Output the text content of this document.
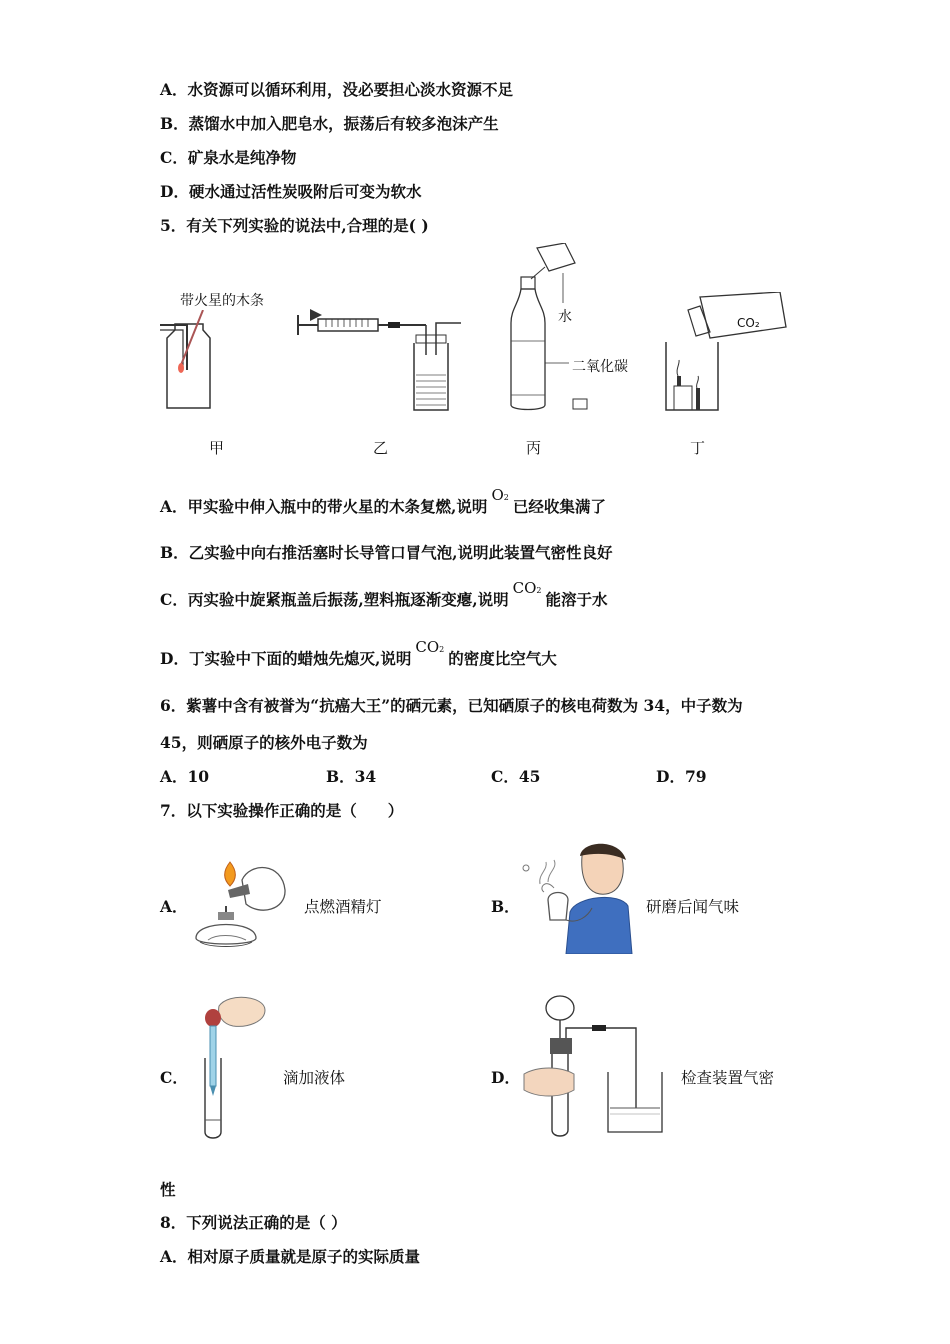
A．水资源可以循环利用，没必要担心淡水资源不足
B．蒸馏水中加入肥皂水，振荡后有较多泡沫产生
C．矿泉水是纯净物
D．硬水通过活性炭吸附后可变为软水
5．有关下列实验的说法中,合理的是( )
带火星的木条
甲	乙
水
二氧化碳
丙
CO₂
丁
A．甲实验中伸入瓶中的带火星的木条复燃,说明O2 已经收集满了
B．乙实验中向右推活塞时长导管口冒气泡,说明此装置气密性良好
C．丙实验中旋紧瓶盖后振荡,塑料瓶逐渐变瘪,说明CO2 能溶于水
D．丁实验中下面的蜡烛先熄灭,说明CO2 的密度比空气大
6．紫薯中含有被誉为“抗癌大王”的硒元素，已知硒原子的核电荷数为 34，中子数为
45，则硒原子的核外电子数为
A．10	B．34	C．45	D．79
7．以下实验操作正确的是（　　）
A．	点燃酒精灯	B．	研磨后闻气味
C．	滴加液体	D．	检查装置气密
性
8．下列说法正确的是（ ）
A．相对原子质量就是原子的实际质量
